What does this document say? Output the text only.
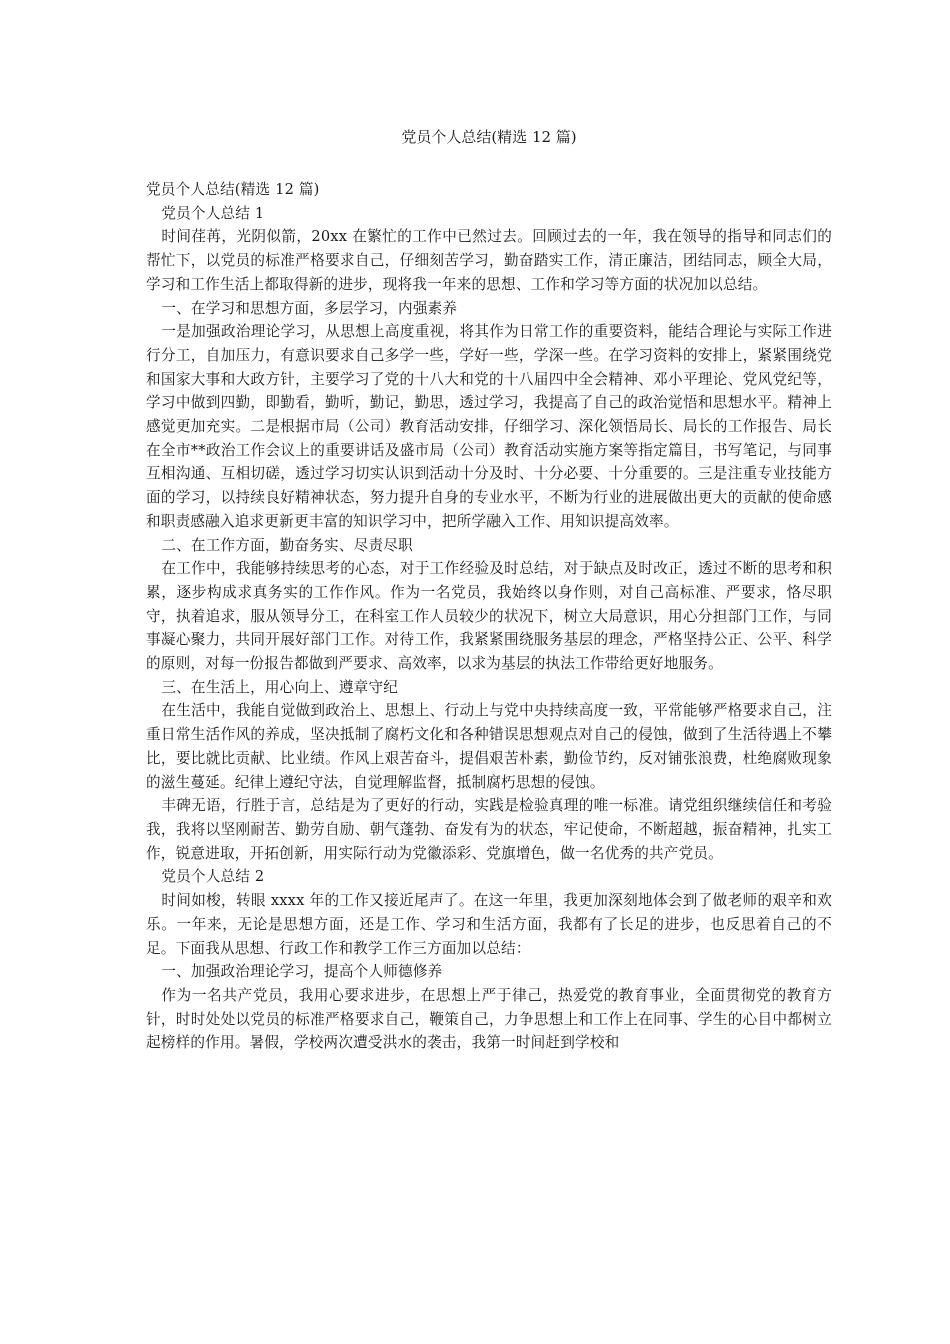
党员个人总结(精选 12 篇)

党员个人总结(精选 12 篇)

党员个人总结 1

时间荏苒，光阴似箭，20xx 在繁忙的工作中已然过去。回顾过去的一年，我在领导的指导和同志们的帮忙下，以党员的标准严格要求自己，仔细刻苦学习，勤奋踏实工作，清正廉洁，团结同志，顾全大局，学习和工作生活上都取得新的进步，现将我一年来的思想、工作和学习等方面的状况加以总结。

一、在学习和思想方面，多层学习，内强素养

一是加强政治理论学习，从思想上高度重视，将其作为日常工作的重要资料，能结合理论与实际工作进行分工，自加压力，有意识要求自己多学一些，学好一些，学深一些。在学习资料的安排上，紧紧围绕党和国家大事和大政方针，主要学习了党的十八大和党的十八届四中全会精神、邓小平理论、党风党纪等，学习中做到四勤，即勤看，勤听，勤记，勤思，透过学习，我提高了自己的政治觉悟和思想水平。精神上感觉更加充实。二是根据市局（公司）教育活动安排，仔细学习、深化领悟局长、局长的工作报告、局长在全市**政治工作会议上的重要讲话及盛市局（公司）教育活动实施方案等指定篇目，书写笔记，与同事互相沟通、互相切磋，透过学习切实认识到活动十分及时、十分必要、十分重要的。三是注重专业技能方面的学习，以持续良好精神状态，努力提升自身的专业水平，不断为行业的进展做出更大的贡献的使命感和职责感融入追求更新更丰富的知识学习中，把所学融入工作、用知识提高效率。

二、在工作方面，勤奋务实、尽责尽职

在工作中，我能够持续思考的心态，对于工作经验及时总结，对于缺点及时改正，透过不断的思考和积累，逐步构成求真务实的工作作风。作为一名党员，我始终以身作则，对自己高标准、严要求，恪尽职守，执着追求，服从领导分工，在科室工作人员较少的状况下，树立大局意识，用心分担部门工作，与同事凝心聚力，共同开展好部门工作。对待工作，我紧紧围绕服务基层的理念，严格坚持公正、公平、科学的原则，对每一份报告都做到严要求、高效率，以求为基层的执法工作带给更好地服务。

三、在生活上，用心向上、遵章守纪

在生活中，我能自觉做到政治上、思想上、行动上与党中央持续高度一致，平常能够严格要求自己，注重日常生活作风的养成，坚决抵制了腐朽文化和各种错误思想观点对自己的侵蚀，做到了生活待遇上不攀比，要比就比贡献、比业绩。作风上艰苦奋斗，提倡艰苦朴素，勤俭节约，反对铺张浪费，杜绝腐败现象的滋生蔓延。纪律上遵纪守法，自觉理解监督，抵制腐朽思想的侵蚀。

丰碑无语，行胜于言，总结是为了更好的行动，实践是检验真理的唯一标准。请党组织继续信任和考验我，我将以坚刚耐苦、勤劳自励、朝气蓬勃、奋发有为的状态，牢记使命，不断超越，振奋精神，扎实工作，锐意进取，开拓创新，用实际行动为党徽添彩、党旗增色，做一名优秀的共产党员。

党员个人总结 2

时间如梭，转眼 xxxx 年的工作又接近尾声了。在这一年里，我更加深刻地体会到了做老师的艰辛和欢乐。一年来，无论是思想方面，还是工作、学习和生活方面，我都有了长足的进步，也反思着自己的不足。下面我从思想、行政工作和教学工作三方面加以总结：

一、加强政治理论学习，提高个人师德修养

作为一名共产党员，我用心要求进步，在思想上严于律己，热爱党的教育事业，全面贯彻党的教育方针，时时处处以党员的标准严格要求自己，鞭策自己，力争思想上和工作上在同事、学生的心目中都树立起榜样的作用。暑假，学校两次遭受洪水的袭击，我第一时间赶到学校和
